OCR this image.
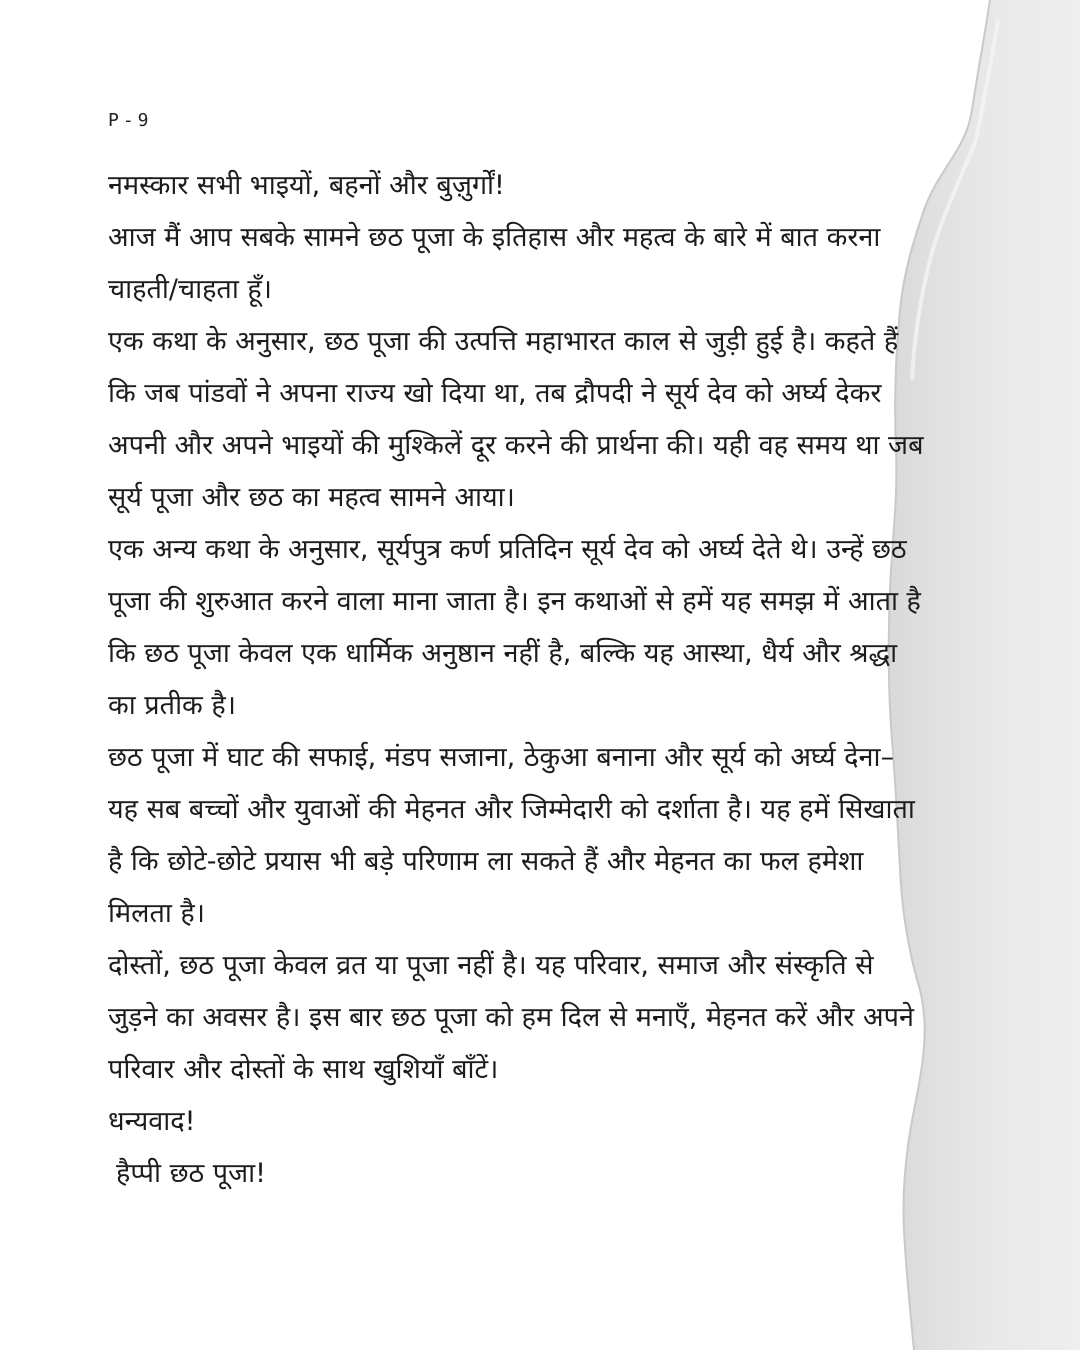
P-9

नमस्कार सभी भाइयों, बहनों और बुज़ुर्गों!

आज मैं आप सबके सामने छठ पूजा के इतिहास और महत्व के बारे में बात करना चाहती/चाहता हूँ।

एक कथा के अनुसार, छठ पूजा की उत्पत्ति महाभारत काल से जुड़ी हुई है। कहते हैं कि जब पांडवों ने अपना राज्य खो दिया था, तब द्रौपदी ने सूर्य देव को अर्घ्य देकर अपनी और अपने भाइयों की मुश्किलें दूर करने की प्रार्थना की। यही वह समय था जब सूर्य पूजा और छठ का महत्व सामने आया।

एक अन्य कथा के अनुसार, सूर्यपुत्र कर्ण प्रतिदिन सूर्य देव को अर्घ्य देते थे। उन्हें छठ पूजा की शुरुआत करने वाला माना जाता है। इन कथाओं से हमें यह समझ में आता है कि छठ पूजा केवल एक धार्मिक अनुष्ठान नहीं है, बल्कि यह आस्था, धैर्य और श्रद्धा का प्रतीक है।

छठ पूजा में घाट की सफाई, मंडप सजाना, ठेकुआ बनाना और सूर्य को अर्घ्य देना– यह सब बच्चों और युवाओं की मेहनत और जिम्मेदारी को दर्शाता है। यह हमें सिखाता है कि छोटे-छोटे प्रयास भी बड़े परिणाम ला सकते हैं और मेहनत का फल हमेशा मिलता है।

दोस्तों, छठ पूजा केवल व्रत या पूजा नहीं है। यह परिवार, समाज और संस्कृति से जुड़ने का अवसर है। इस बार छठ पूजा को हम दिल से मनाएँ, मेहनत करें और अपने परिवार और दोस्तों के साथ खुशियाँ बाँटें।

धन्यवाद!

हैप्पी छठ पूजा!
